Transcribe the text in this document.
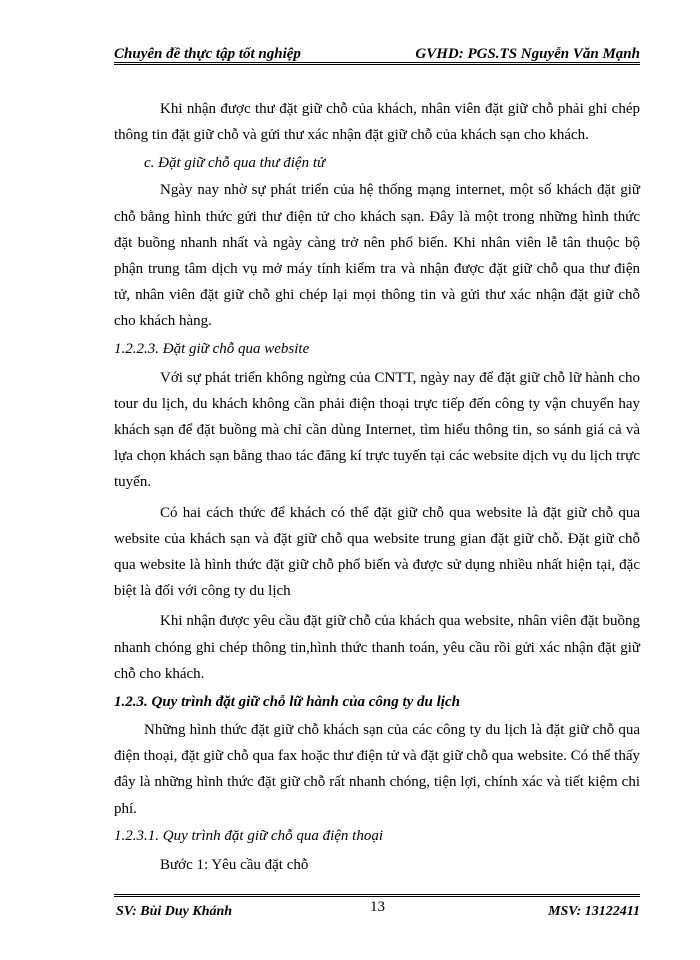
Chuyên đề thực tập tốt nghiệp	GVHD: PGS.TS Nguyễn Văn Mạnh

Khi nhận được thư đặt giữ chỗ của khách, nhân viên đặt giữ chỗ phải ghi chép thông tin đặt giữ chỗ và gửi thư xác nhận đặt giữ chỗ của khách sạn cho khách.

c. Đặt giữ chỗ qua thư điện tử

Ngày nay nhờ sự phát triển của hệ thống mạng internet, một số khách đặt giữ chỗ bằng hình thức gửi thư điện tử cho khách sạn. Đây là một trong những hình thức đặt buồng nhanh nhất và ngày càng trở nên phổ biến. Khi nhân viên lễ tân thuộc bộ phận trung tâm dịch vụ mở máy tính kiểm tra và nhận được đặt giữ chỗ qua thư điện tử, nhân viên đặt giữ chỗ ghi chép lại mọi thông tin và gửi thư xác nhận đặt giữ chỗ cho khách hàng.

1.2.2.3. Đặt giữ chỗ qua website

Với sự phát triển không ngừng của CNTT, ngày nay để đặt giữ chỗ lữ hành cho tour du lịch, du khách không cần phải điện thoại trực tiếp đến công ty vận chuyển hay khách sạn để đặt buồng mà chỉ cần dùng Internet, tìm hiểu thông tin, so sánh giá cả và lựa chọn khách sạn bằng thao tác đăng kí trực tuyến tại các website dịch vụ du lịch trực tuyến.

Có hai cách thức để khách có thể đặt giữ chỗ qua website là đặt giữ chỗ qua website của khách sạn và đặt giữ chỗ qua website trung gian đặt giữ chỗ. Đặt giữ chỗ qua website là hình thức đặt giữ chỗ phổ biến và được sử dụng nhiều nhất hiện tại, đặc biệt là đối với công ty du lịch

Khi nhận được yêu cầu đặt giữ chỗ của khách qua website, nhân viên đặt buồng nhanh chóng ghi chép thông tin,hình thức thanh toán, yêu cầu rồi gửi xác nhận đặt giữ chỗ cho khách.

1.2.3. Quy trình đặt giữ chỗ lữ hành của công ty du lịch

Những hình thức đặt giữ chỗ khách sạn của các công ty du lịch là đặt giữ chỗ qua điện thoại, đặt giữ chỗ qua fax hoặc thư điện tử và đặt giữ chỗ qua website. Có thể thấy đây là những hình thức đặt giữ chỗ rất nhanh chóng, tiện lợi, chính xác và tiết kiệm chi phí.

1.2.3.1. Quy trình đặt giữ chỗ qua điện thoại

Bước 1: Yêu cầu đặt chỗ

SV: Bùi Duy Khánh	13	MSV: 13122411
